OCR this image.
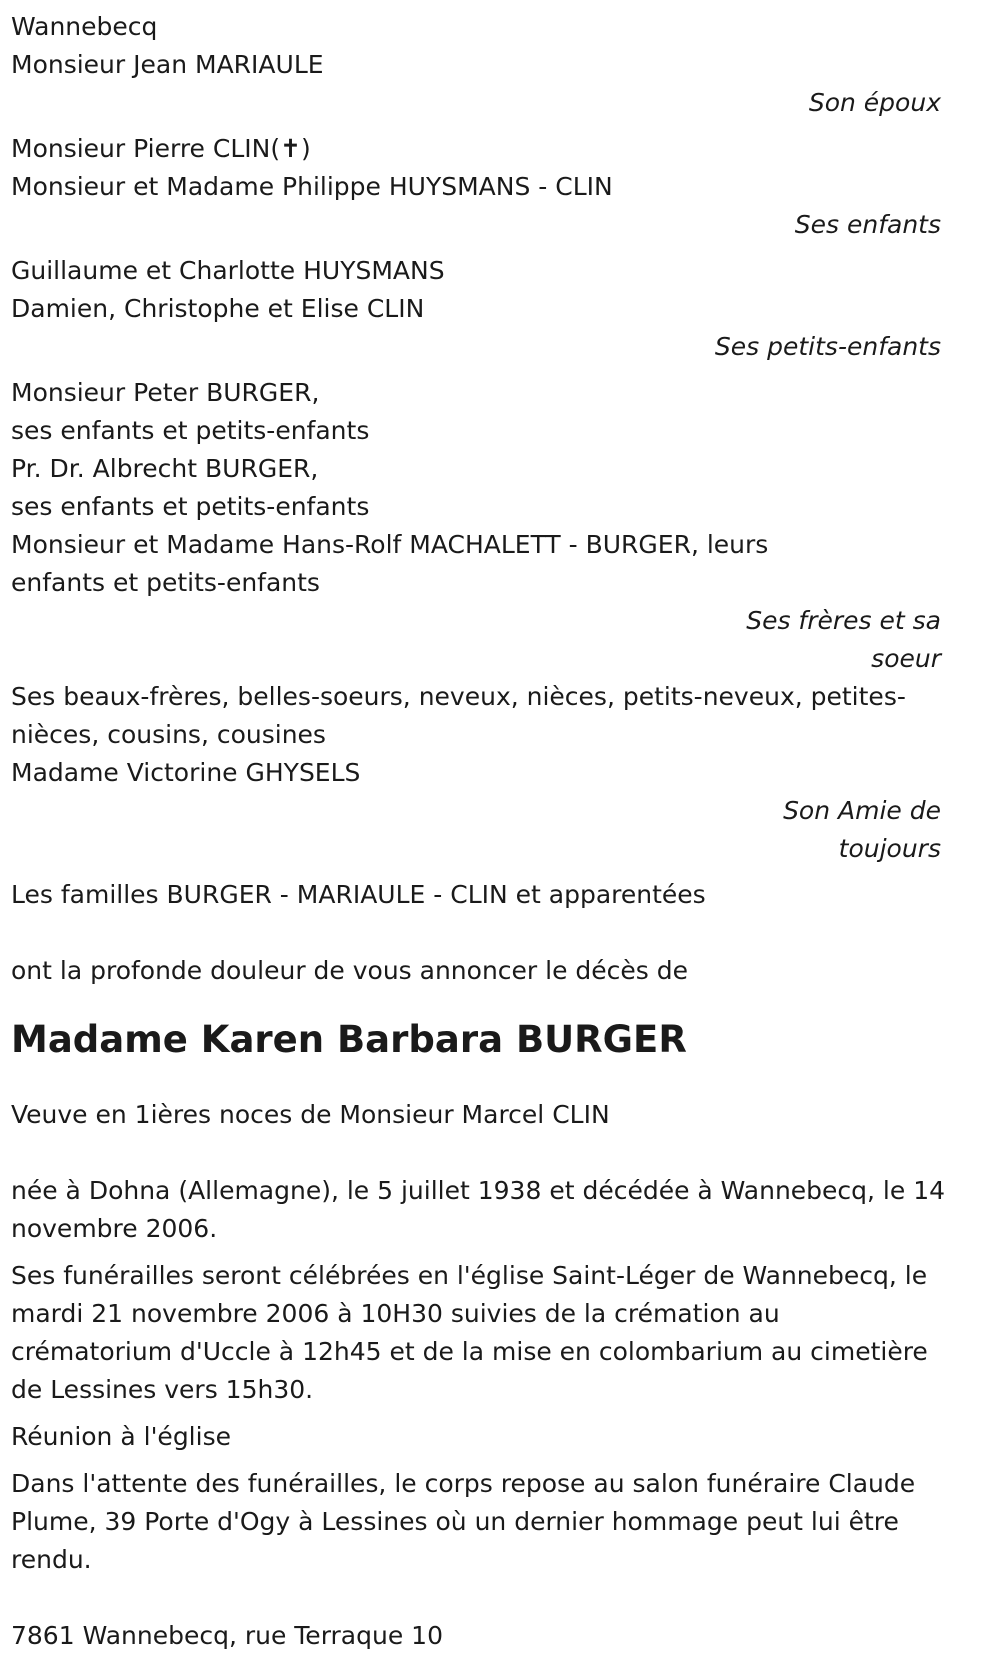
Wannebecq
Monsieur Jean MARIAULE
Son époux
Monsieur Pierre CLIN(✝)
Monsieur et Madame Philippe HUYSMANS - CLIN
Ses enfants
Guillaume et Charlotte HUYSMANS
Damien, Christophe et Elise CLIN
Ses petits-enfants
Monsieur Peter BURGER,
ses enfants et petits-enfants
Pr. Dr. Albrecht BURGER,
ses enfants et petits-enfants
Monsieur et Madame Hans-Rolf MACHALETT - BURGER, leurs
enfants et petits-enfants
Ses frères et sa
soeur
Ses beaux-frères, belles-soeurs, neveux, nièces, petits-neveux, petites-
nièces, cousins, cousines
Madame Victorine GHYSELS
Son Amie de
toujours
Les familles BURGER - MARIAULE - CLIN et apparentées
ont la profonde douleur de vous annoncer le décès de
Madame Karen Barbara BURGER
Veuve en 1ières noces de Monsieur Marcel CLIN
née à Dohna (Allemagne), le 5 juillet 1938 et décédée à Wannebecq, le 14 novembre 2006.
Ses funérailles seront célébrées en l'église Saint-Léger de Wannebecq, le mardi 21 novembre 2006 à 10H30 suivies de la crémation au crématorium d'Uccle à 12h45 et de la mise en colombarium au cimetière de Lessines vers 15h30.
Réunion à l'église
Dans l'attente des funérailles, le corps repose au salon funéraire Claude Plume, 39 Porte d'Ogy à Lessines où un dernier hommage peut lui être rendu.
7861 Wannebecq, rue Terraque 10
